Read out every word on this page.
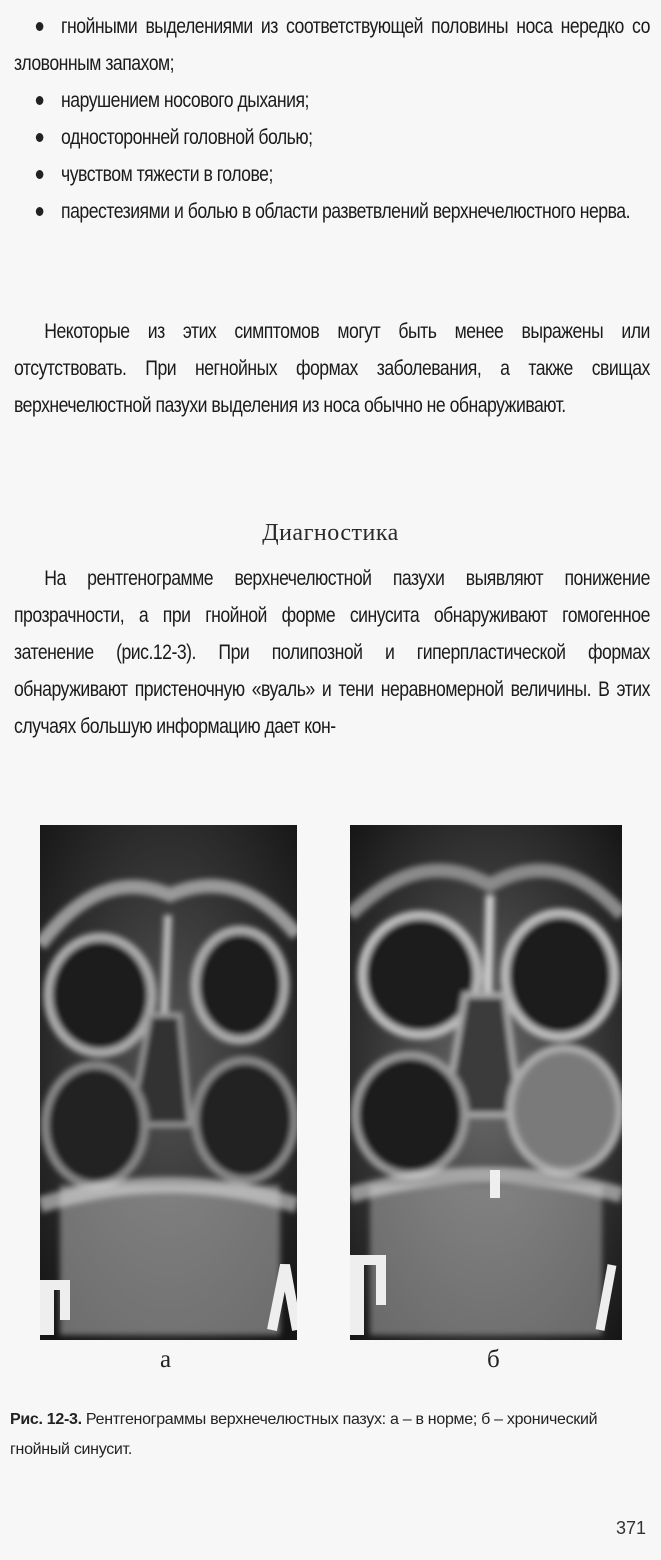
гнойными выделениями из соответствующей половины носа нередко со зловонным запахом;

нарушением носового дыхания;

односторонней головной болью;

чувством тяжести в голове;

парестезиями и болью в области разветвлений верхнечелюстного нерва.

Некоторые из этих симптомов могут быть менее выражены или отсутствовать. При негнойных формах заболевания, а также свищах верхнечелюстной пазухи выделения из носа обычно не обнаруживают.

Диагностика

На рентгенограмме верхнечелюстной пазухи выявляют понижение прозрачности, а при гнойной форме синусита обнаруживают гомогенное затенение (рис.12-3). При полипозной и гиперпластической формах обнаруживают пристеночную «вуаль» и тени неравномерной величины. В этих случаях большую информацию дает кон-

а	б
Рис. 12-3. Рентгенограммы верхнечелюстных пазух: а – в норме; б – хронический гнойный синусит.
371
